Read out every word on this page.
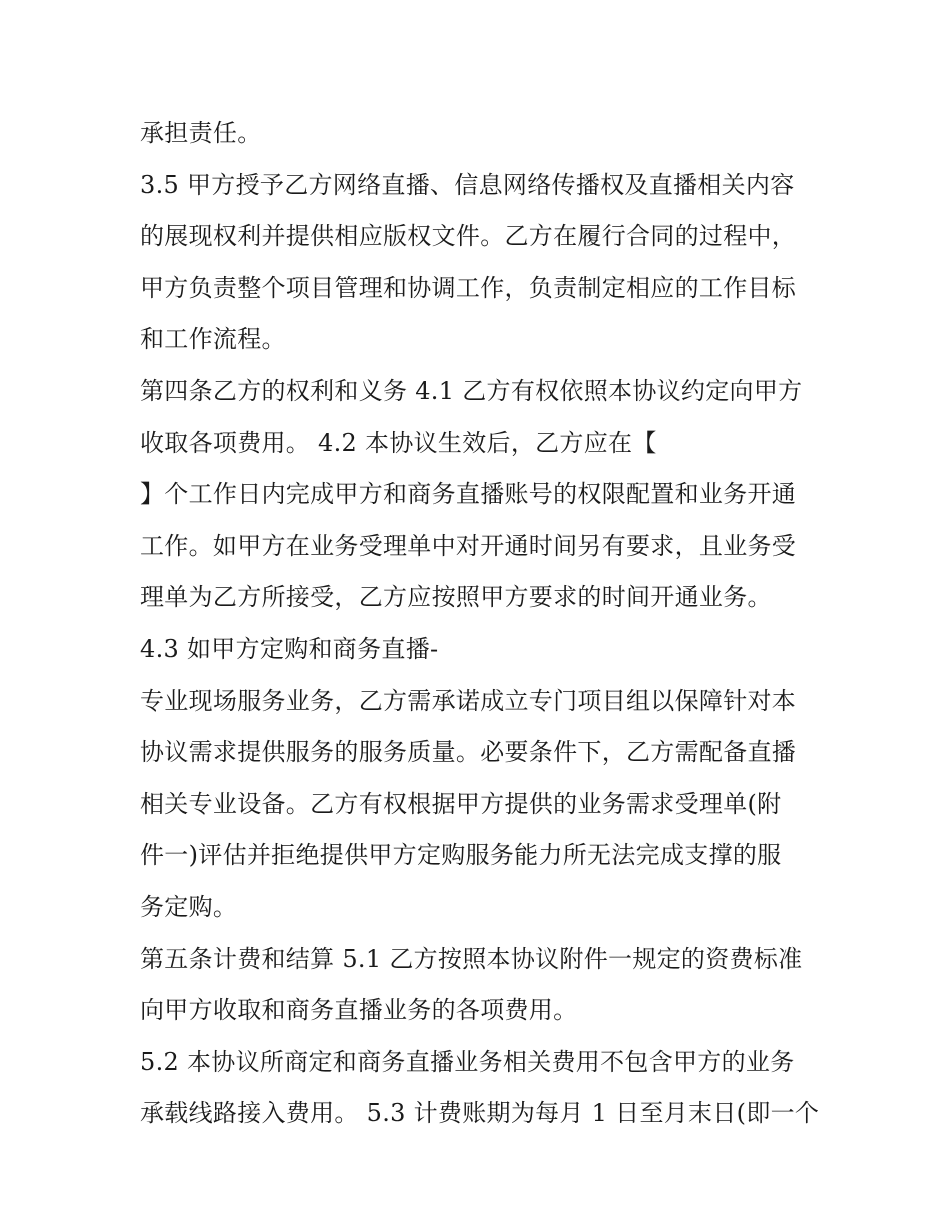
承担责任。
3.5 甲方授予乙方网络直播、信息网络传播权及直播相关内容
的展现权利并提供相应版权文件。乙方在履行合同的过程中，
甲方负责整个项目管理和协调工作，负责制定相应的工作目标
和工作流程。
第四条乙方的权利和义务 4.1 乙方有权依照本协议约定向甲方
收取各项费用。 4.2 本协议生效后，乙方应在【
】个工作日内完成甲方和商务直播账号的权限配置和业务开通
工作。如甲方在业务受理单中对开通时间另有要求，且业务受
理单为乙方所接受，乙方应按照甲方要求的时间开通业务。
4.3 如甲方定购和商务直播-
专业现场服务业务，乙方需承诺成立专门项目组以保障针对本
协议需求提供服务的服务质量。必要条件下，乙方需配备直播
相关专业设备。乙方有权根据甲方提供的业务需求受理单(附
件一)评估并拒绝提供甲方定购服务能力所无法完成支撑的服
务定购。
第五条计费和结算 5.1 乙方按照本协议附件一规定的资费标准
向甲方收取和商务直播业务的各项费用。
5.2 本协议所商定和商务直播业务相关费用不包含甲方的业务
承载线路接入费用。 5.3 计费账期为每月 1 日至月末日(即一个
